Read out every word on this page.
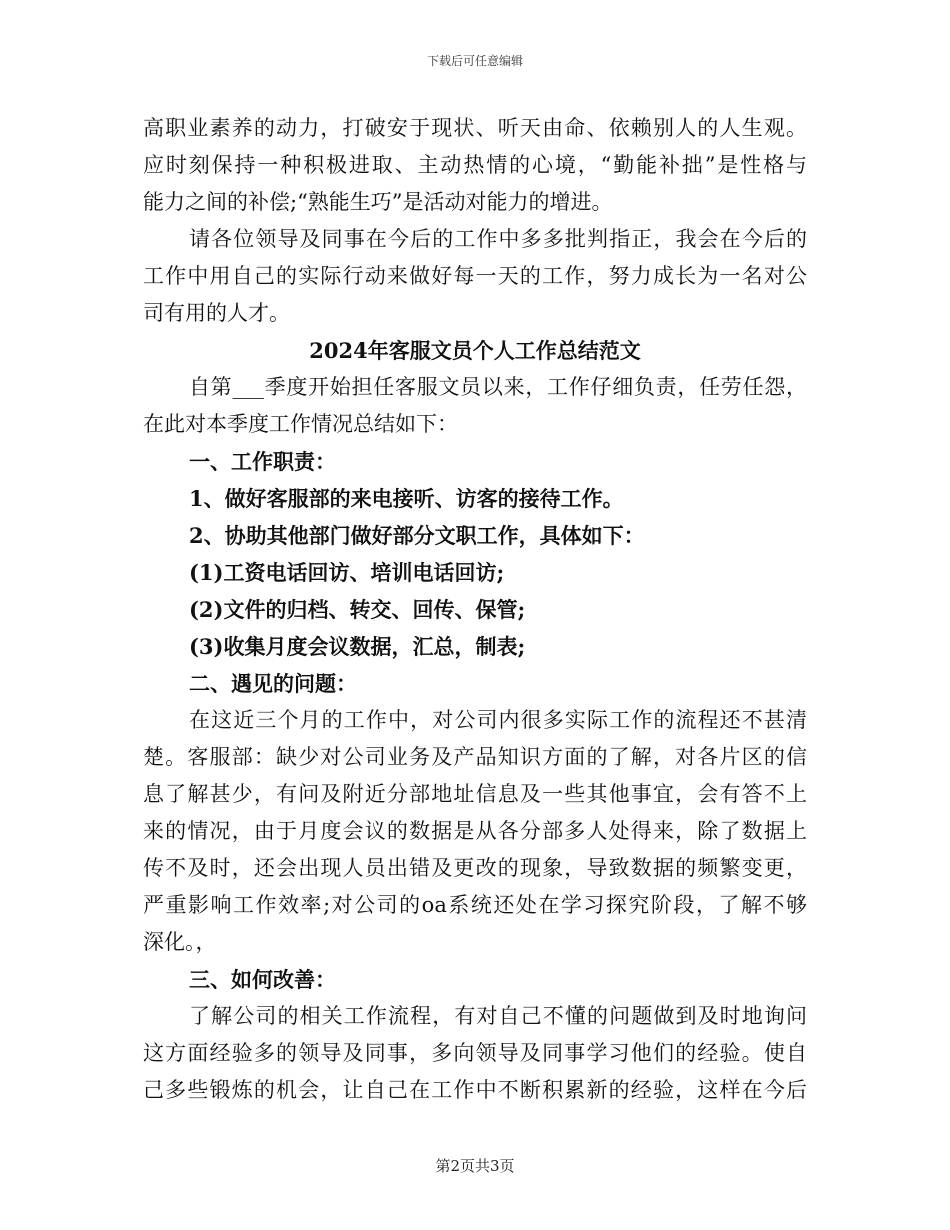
下载后可任意编辑
高职业素养的动力，打破安于现状、听天由命、依赖别人的人生观。
应时刻保持一种积极进取、主动热情的心境，“勤能补拙”是性格与
能力之间的补偿;“熟能生巧”是活动对能力的增进。
请各位领导及同事在今后的工作中多多批判指正，我会在今后的
工作中用自己的实际行动来做好每一天的工作，努力成长为一名对公
司有用的人才。
2024年客服文员个人工作总结范文
自第___季度开始担任客服文员以来，工作仔细负责，任劳任怨，
在此对本季度工作情况总结如下：
一、工作职责：
1、做好客服部的来电接听、访客的接待工作。
2、协助其他部门做好部分文职工作，具体如下：
(1)工资电话回访、培训电话回访;
(2)文件的归档、转交、回传、保管;
(3)收集月度会议数据，汇总，制表;
二、遇见的问题：
在这近三个月的工作中，对公司内很多实际工作的流程还不甚清
楚。客服部：缺少对公司业务及产品知识方面的了解，对各片区的信
息了解甚少，有问及附近分部地址信息及一些其他事宜，会有答不上
来的情况，由于月度会议的数据是从各分部多人处得来，除了数据上
传不及时，还会出现人员出错及更改的现象，导致数据的频繁变更，
严重影响工作效率;对公司的oa系统还处在学习探究阶段，了解不够
深化。，
三、如何改善：
了解公司的相关工作流程，有对自己不懂的问题做到及时地询问
这方面经验多的领导及同事，多向领导及同事学习他们的经验。使自
己多些锻炼的机会，让自己在工作中不断积累新的经验，这样在今后
第2页共3页
